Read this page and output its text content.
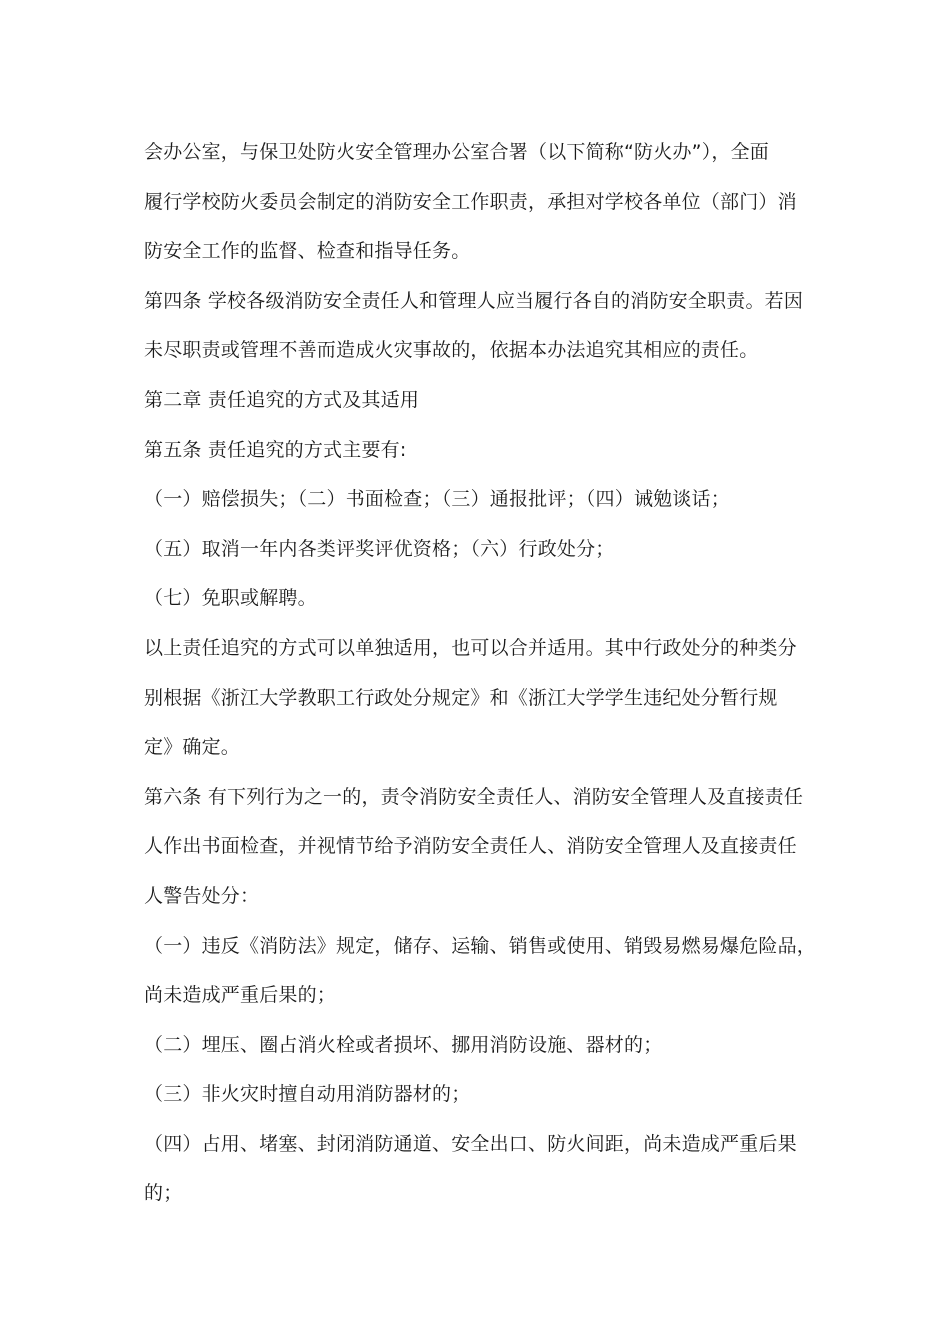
会办公室，与保卫处防火安全管理办公室合署（以下简称“防火办”），全面
履行学校防火委员会制定的消防安全工作职责，承担对学校各单位（部门）消
防安全工作的监督、检查和指导任务。
第四条 学校各级消防安全责任人和管理人应当履行各自的消防安全职责。若因
未尽职责或管理不善而造成火灾事故的，依据本办法追究其相应的责任。
第二章 责任追究的方式及其适用
第五条 责任追究的方式主要有:
（一）赔偿损失；（二）书面检查；（三）通报批评；（四）诫勉谈话；
（五）取消一年内各类评奖评优资格；（六）行政处分；
（七）免职或解聘。
以上责任追究的方式可以单独适用，也可以合并适用。其中行政处分的种类分
别根据《浙江大学教职工行政处分规定》和《浙江大学学生违纪处分暂行规
定》确定。
第六条 有下列行为之一的，责令消防安全责任人、消防安全管理人及直接责任
人作出书面检查，并视情节给予消防安全责任人、消防安全管理人及直接责任
人警告处分：
（一）违反《消防法》规定，储存、运输、销售或使用、销毁易燃易爆危险品，
尚未造成严重后果的；
（二）埋压、圈占消火栓或者损坏、挪用消防设施、器材的；
（三）非火灾时擅自动用消防器材的；
（四）占用、堵塞、封闭消防通道、安全出口、防火间距，尚未造成严重后果
的；
